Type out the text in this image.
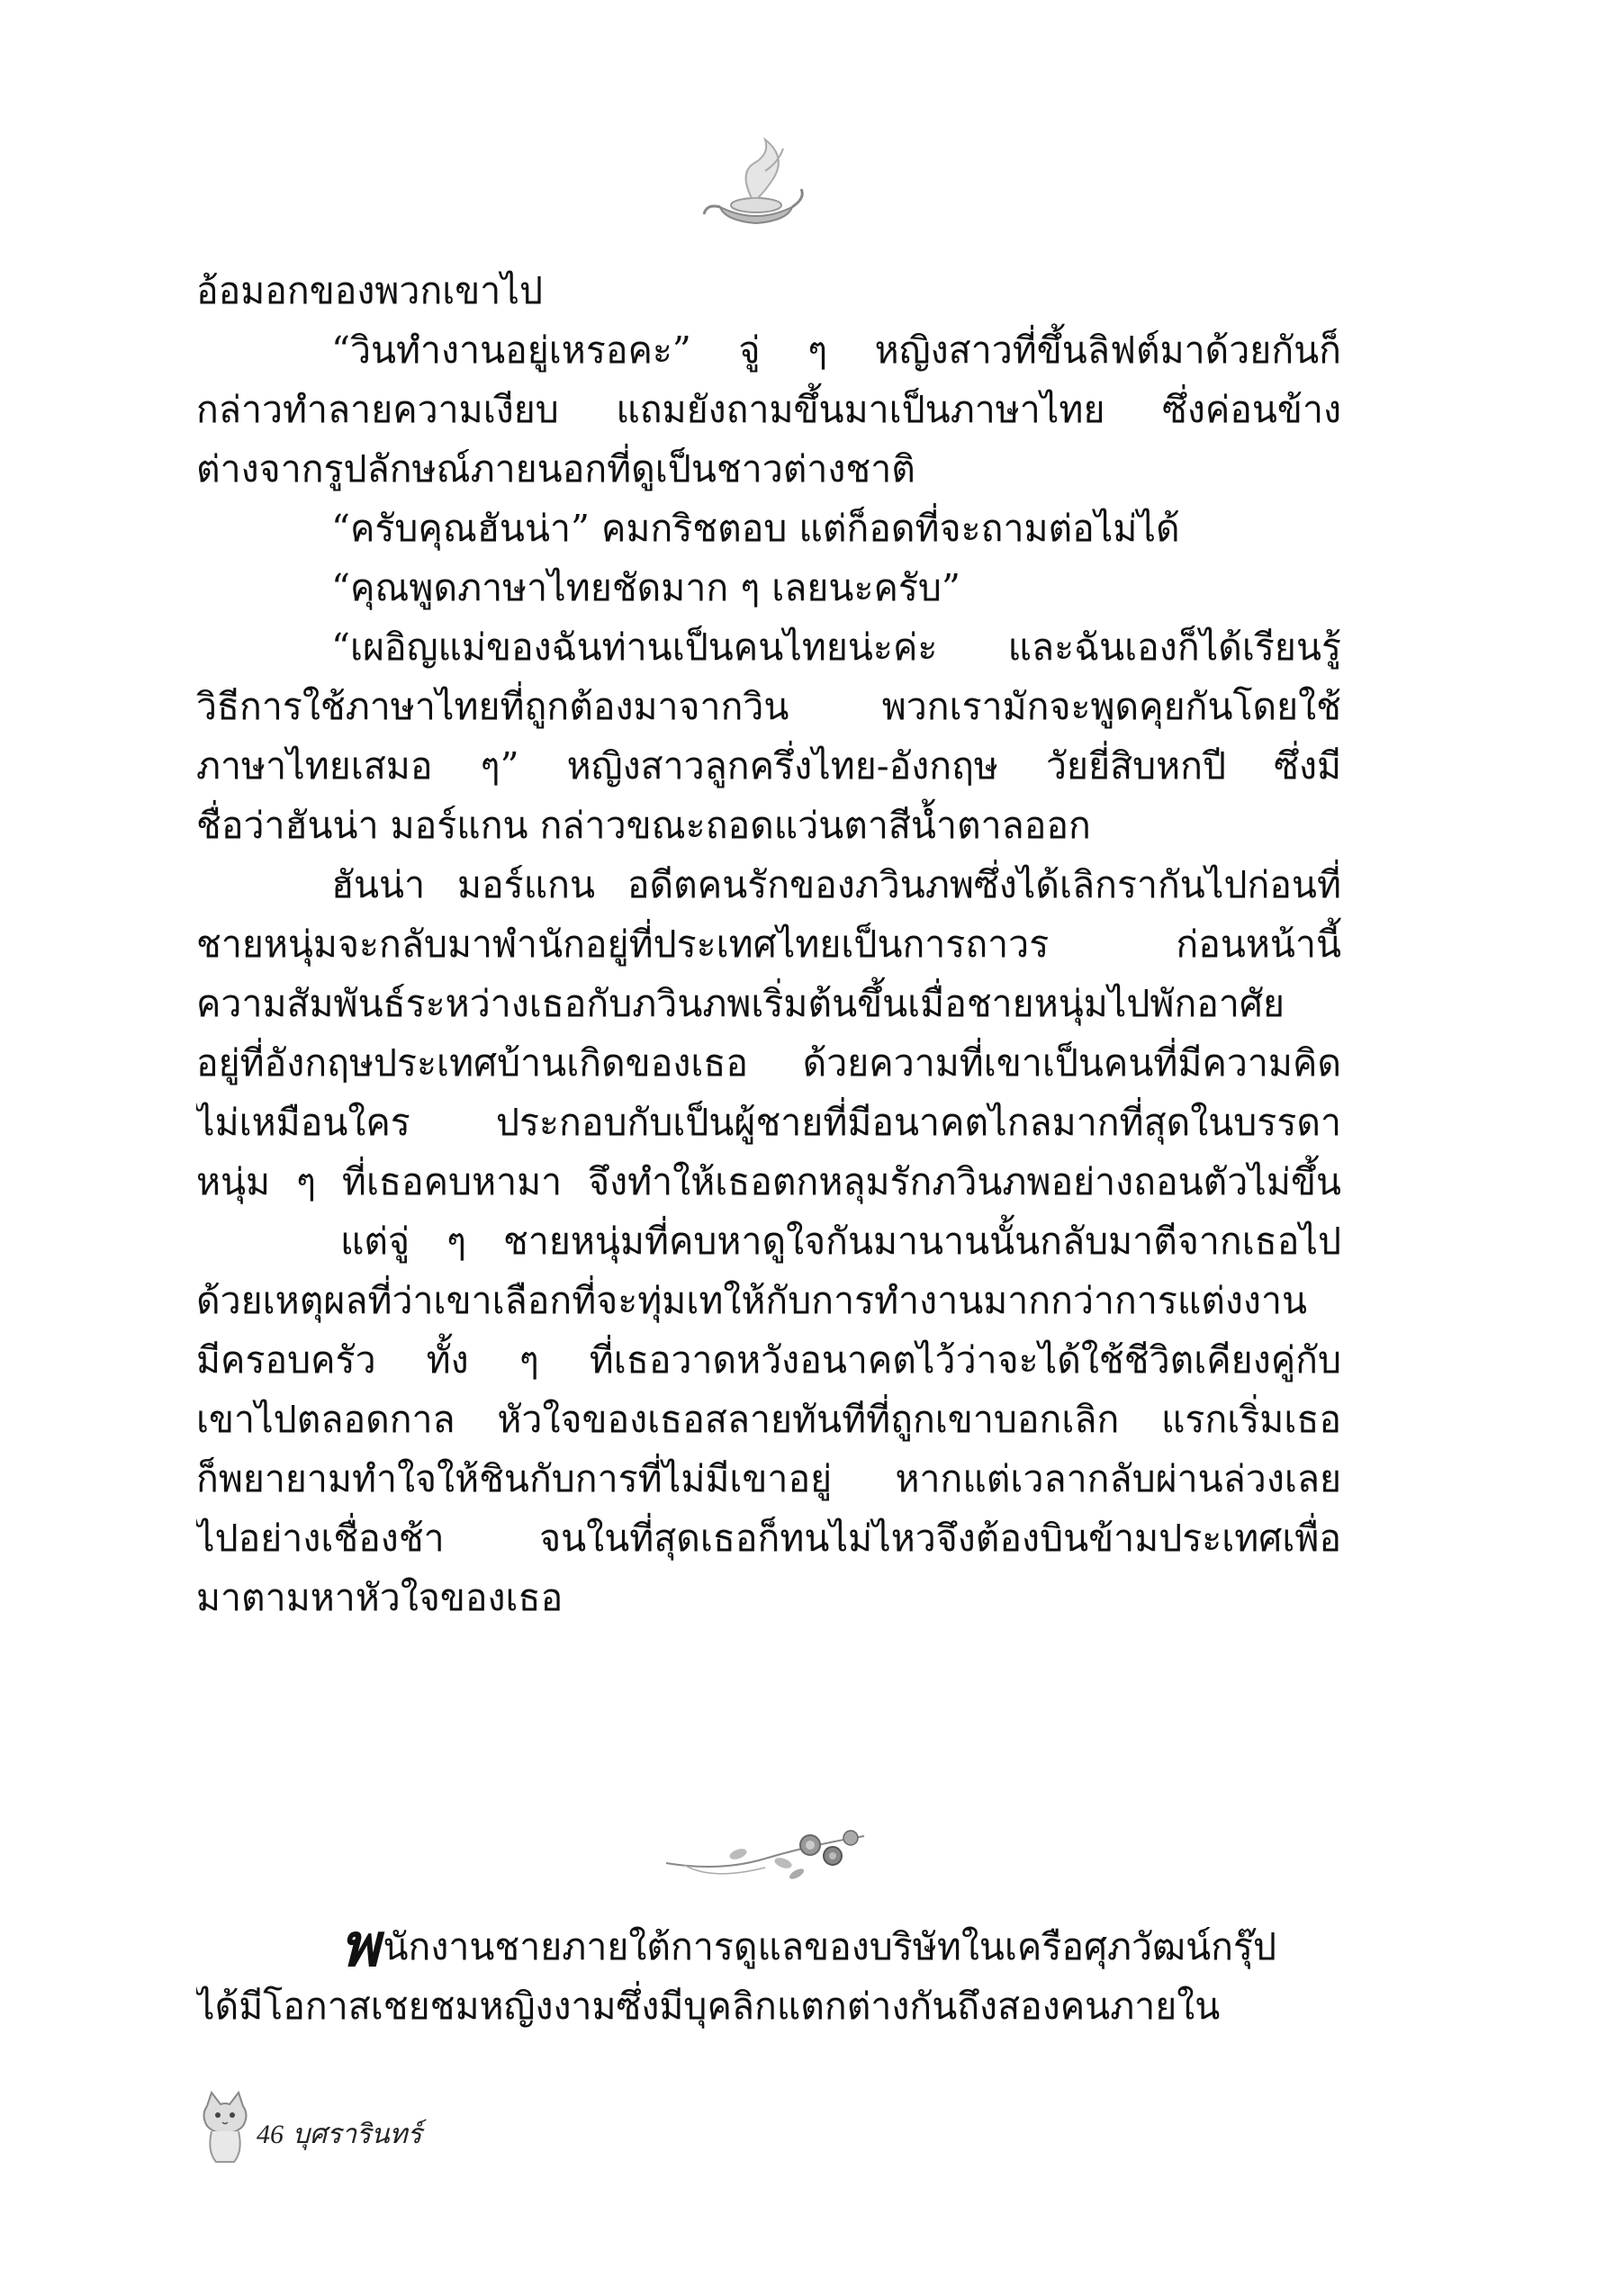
อ้อมอกของพวกเขาไป
“วินทำงานอยู่เหรอคะ” จู่ ๆ หญิงสาวที่ขึ้นลิฟต์มาด้วยกันก็
กล่าวทำลายความเงียบ แถมยังถามขึ้นมาเป็นภาษาไทย ซึ่งค่อนข้าง
ต่างจากรูปลักษณ์ภายนอกที่ดูเป็นชาวต่างชาติ
“ครับคุณฮันน่า” คมกริชตอบ แต่ก็อดที่จะถามต่อไม่ได้
“คุณพูดภาษาไทยชัดมาก ๆ เลยนะครับ”
“เผอิญแม่ของฉันท่านเป็นคนไทยน่ะค่ะ และฉันเองก็ได้เรียนรู้
วิธีการใช้ภาษาไทยที่ถูกต้องมาจากวิน พวกเรามักจะพูดคุยกันโดยใช้
ภาษาไทยเสมอ ๆ” หญิงสาวลูกครึ่งไทย-อังกฤษ วัยยี่สิบหกปี ซึ่งมี
ชื่อว่าฮันน่า มอร์แกน กล่าวขณะถอดแว่นตาสีน้ำตาลออก
ฮันน่า มอร์แกน อดีตคนรักของภวินภพซึ่งได้เลิกรากันไปก่อนที่
ชายหนุ่มจะกลับมาพำนักอยู่ที่ประเทศไทยเป็นการถาวร ก่อนหน้านี้
ความสัมพันธ์ระหว่างเธอกับภวินภพเริ่มต้นขึ้นเมื่อชายหนุ่มไปพักอาศัย
อยู่ที่อังกฤษประเทศบ้านเกิดของเธอ ด้วยความที่เขาเป็นคนที่มีความคิด
ไม่เหมือนใคร ประกอบกับเป็นผู้ชายที่มีอนาคตไกลมากที่สุดในบรรดา
หนุ่ม ๆ ที่เธอคบหามา จึงทำให้เธอตกหลุมรักภวินภพอย่างถอนตัวไม่ขึ้น
แต่จู่ ๆ ชายหนุ่มที่คบหาดูใจกันมานานนั้นกลับมาตีจากเธอไป
ด้วยเหตุผลที่ว่าเขาเลือกที่จะทุ่มเทให้กับการทำงานมากกว่าการแต่งงาน
มีครอบครัว ทั้ง ๆ ที่เธอวาดหวังอนาคตไว้ว่าจะได้ใช้ชีวิตเคียงคู่กับ
เขาไปตลอดกาล หัวใจของเธอสลายทันทีที่ถูกเขาบอกเลิก แรกเริ่มเธอ
ก็พยายามทำใจให้ชินกับการที่ไม่มีเขาอยู่ หากแต่เวลากลับผ่านล่วงเลย
ไปอย่างเชื่องช้า จนในที่สุดเธอก็ทนไม่ไหวจึงต้องบินข้ามประเทศเพื่อ
มาตามหาหัวใจของเธอ
พนักงานชายภายใต้การดูแลของบริษัทในเครือศุภวัฒน์กรุ๊ป
ได้มีโอกาสเชยชมหญิงงามซึ่งมีบุคลิกแตกต่างกันถึงสองคนภายใน
46 บุศรารินทร์
